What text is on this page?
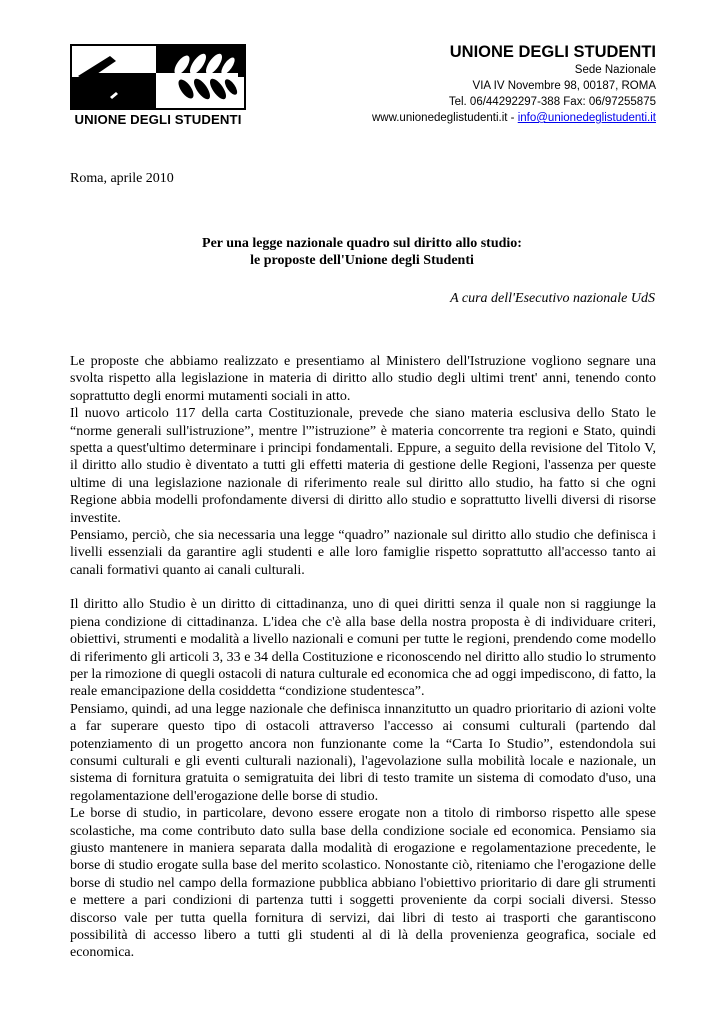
UNIONE DEGLI STUDENTI
UNIONE DEGLI STUDENTI
Sede Nazionale
VIA IV Novembre 98, 00187, ROMA
Tel. 06/44292297-388 Fax: 06/97255875
www.unionedeglistudenti.it - info@unionedeglistudenti.it
Roma, aprile 2010
Per una legge nazionale quadro sul diritto allo studio:
le proposte dell'Unione degli Studenti
A cura dell'Esecutivo nazionale UdS

Le proposte che abbiamo realizzato e presentiamo al Ministero dell'Istruzione vogliono segnare una svolta rispetto alla legislazione in materia di diritto allo studio degli ultimi trent' anni, tenendo conto soprattutto degli enormi mutamenti sociali in atto.

Il nuovo articolo 117 della carta Costituzionale, prevede che siano materia esclusiva dello Stato le “norme generali sull'istruzione”, mentre l'”istruzione” è materia concorrente tra regioni e Stato, quindi spetta a quest'ultimo determinare i principi fondamentali. Eppure, a seguito della revisione del Titolo V, il diritto allo studio è diventato a tutti gli effetti materia di gestione delle Regioni, l'assenza per queste ultime di una legislazione nazionale di riferimento reale sul diritto allo studio, ha fatto si che ogni Regione abbia modelli profondamente diversi di diritto allo studio e soprattutto livelli diversi di risorse investite.

Pensiamo, perciò, che sia necessaria una legge “quadro” nazionale sul diritto allo studio che definisca i livelli essenziali da garantire agli studenti e alle loro famiglie rispetto soprattutto all'accesso tanto ai canali formativi quanto ai canali culturali.

Il diritto allo Studio è un diritto di cittadinanza, uno di quei diritti senza il quale non si raggiunge la piena condizione di cittadinanza. L'idea che c'è alla base della nostra proposta è di individuare criteri, obiettivi, strumenti e modalità a livello nazionali e comuni per tutte le regioni, prendendo come modello di riferimento gli articoli 3, 33 e 34 della Costituzione e riconoscendo nel diritto allo studio lo strumento per la rimozione di quegli ostacoli di natura culturale ed economica che ad oggi impediscono, di fatto, la reale emancipazione della cosiddetta “condizione studentesca”.

Pensiamo, quindi, ad una legge nazionale che definisca innanzitutto un quadro prioritario di azioni volte a far superare questo tipo di ostacoli attraverso l'accesso ai consumi culturali (partendo dal potenziamento di un progetto ancora non funzionante come la “Carta Io Studio”, estendondola sui consumi culturali e gli eventi culturali nazionali), l'agevolazione sulla mobilità locale e nazionale, un sistema di fornitura gratuita o semigratuita dei libri di testo tramite un sistema di comodato d'uso, una regolamentazione dell'erogazione delle borse di studio.

Le borse di studio, in particolare, devono essere erogate non a titolo di rimborso rispetto alle spese scolastiche, ma come contributo dato sulla base della condizione sociale ed economica. Pensiamo sia giusto mantenere in maniera separata dalla modalità di erogazione e regolamentazione precedente, le borse di studio erogate sulla base del merito scolastico. Nonostante ciò, riteniamo che l'erogazione delle borse di studio nel campo della formazione pubblica abbiano l'obiettivo prioritario di dare gli strumenti e mettere a pari condizioni di partenza tutti i soggetti proveniente da corpi sociali diversi. Stesso discorso vale per tutta quella fornitura di servizi, dai libri di testo ai trasporti che garantiscono possibilità di accesso libero a tutti gli studenti al di là della provenienza geografica, sociale ed economica.
